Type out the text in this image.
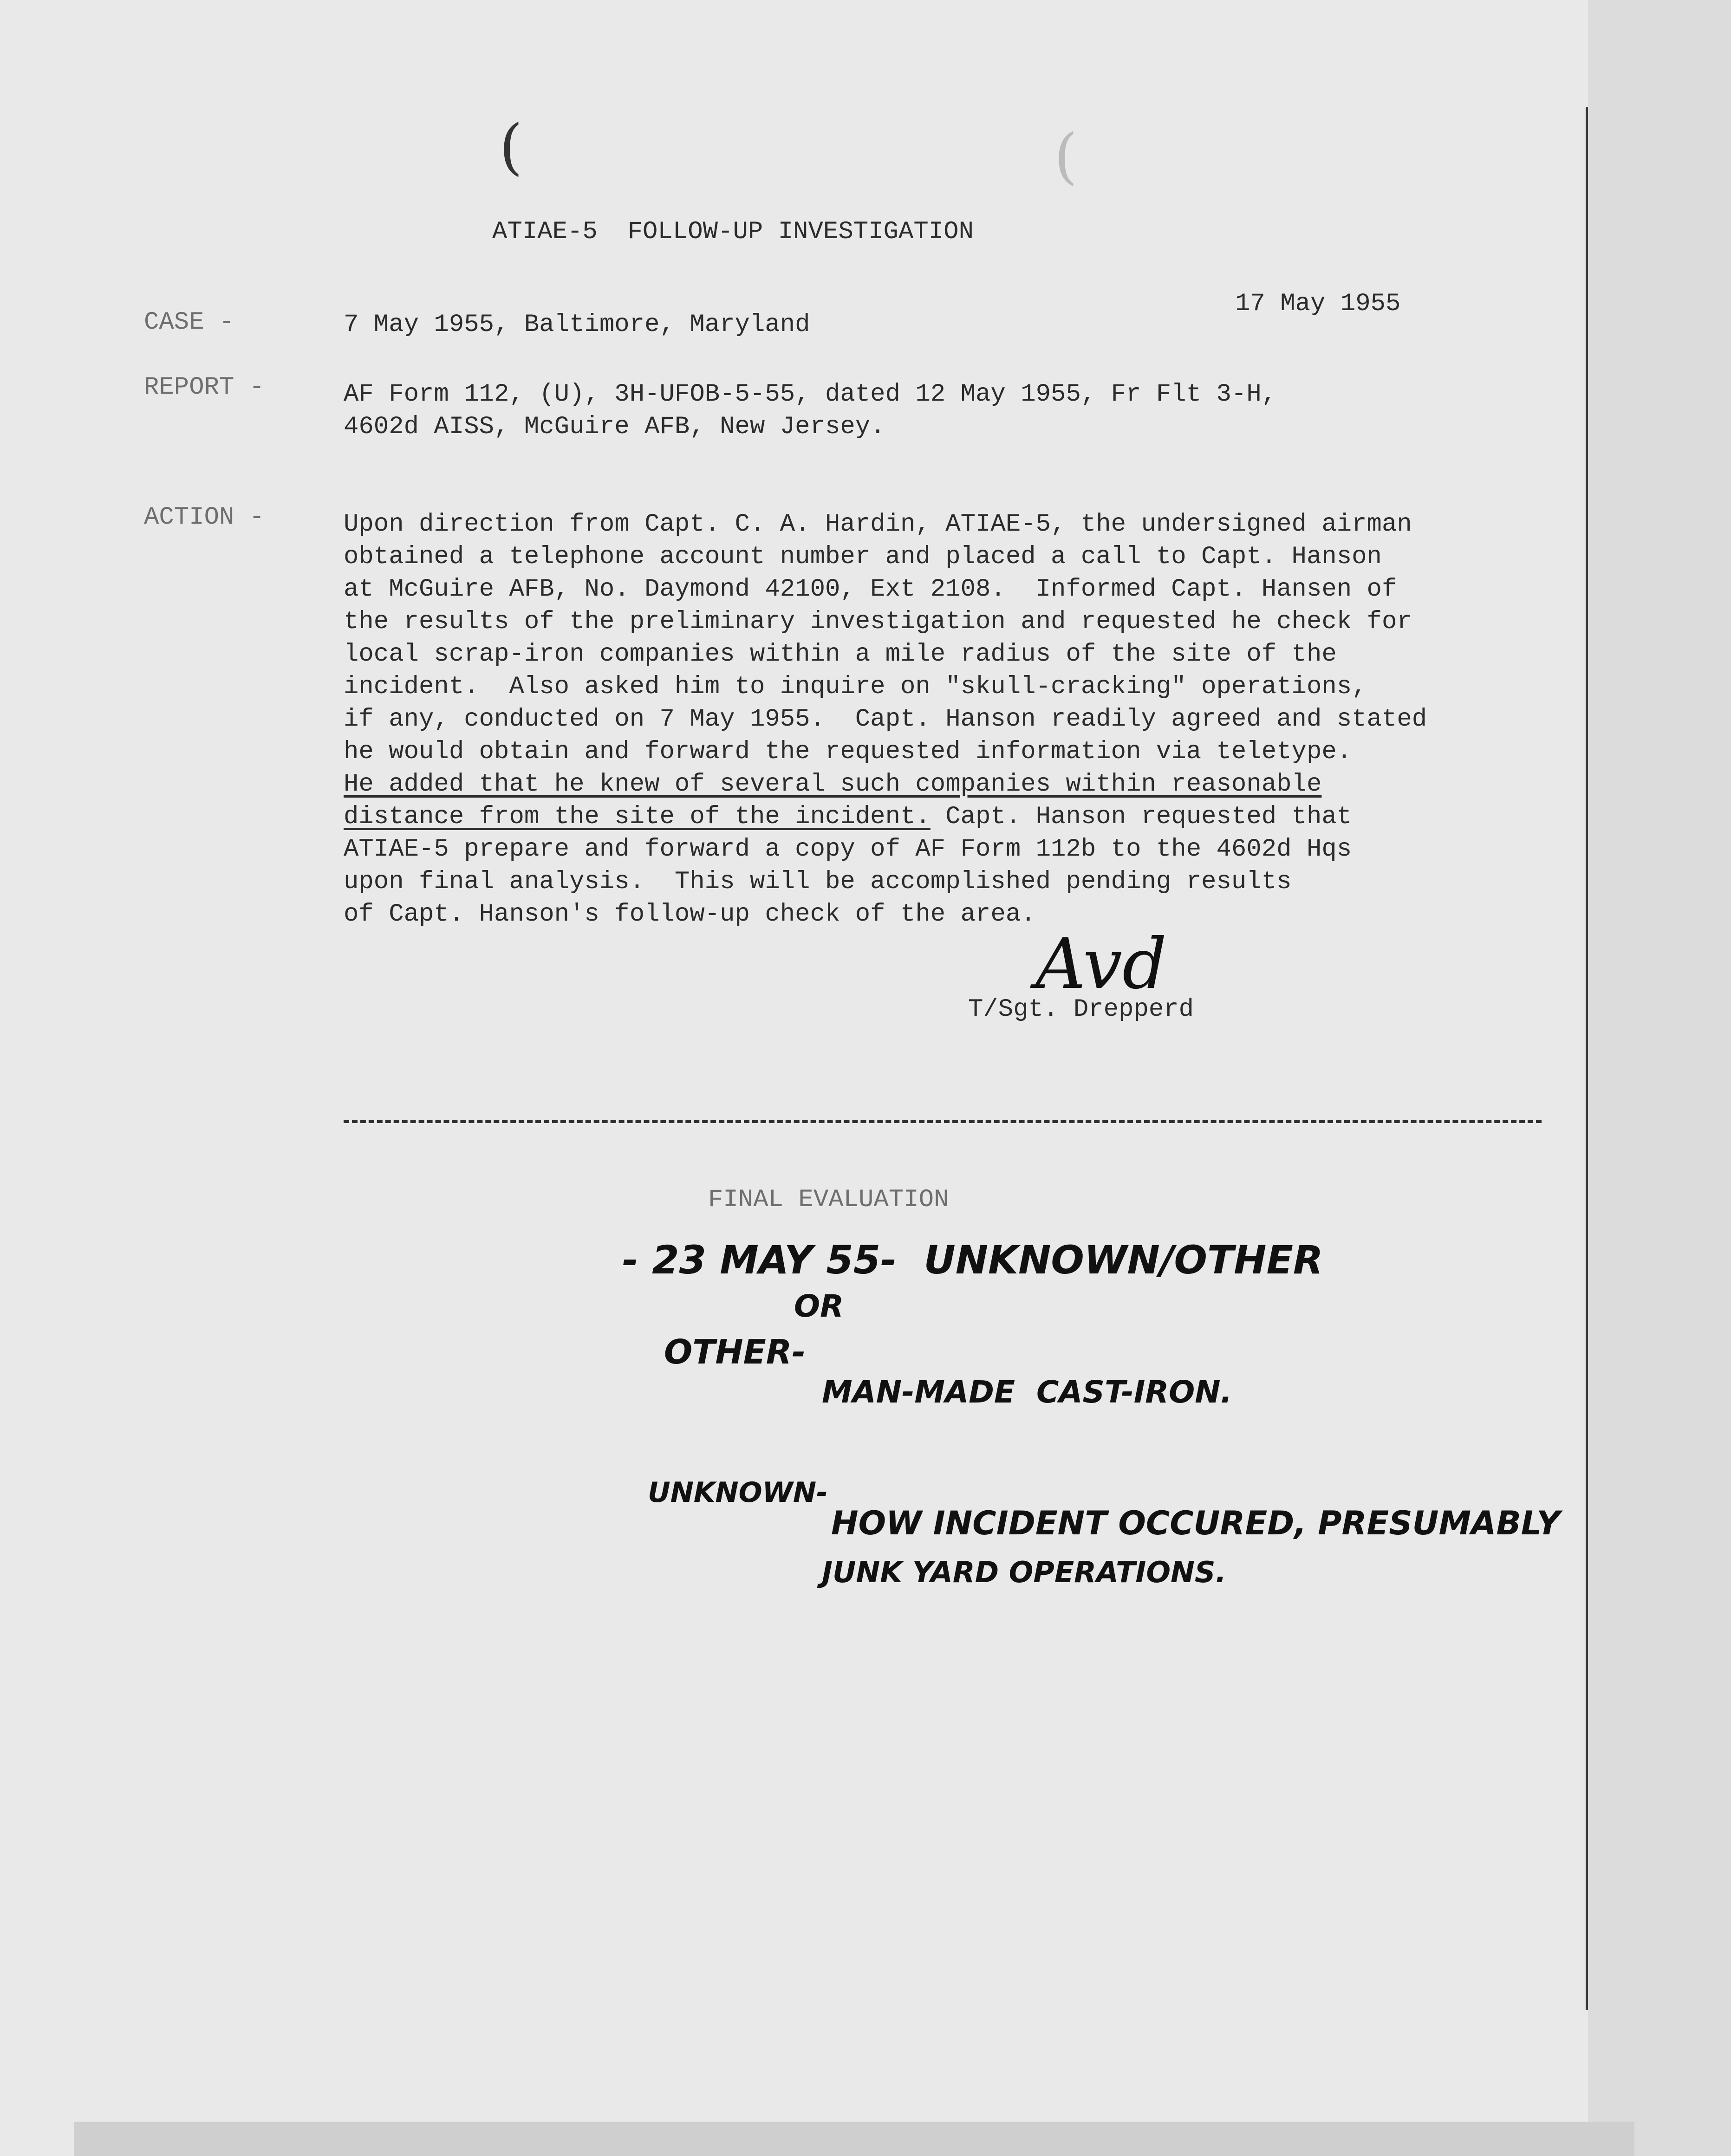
(	(
ATIAE-5  FOLLOW-UP INVESTIGATION
17 May 1955
CASE -	7 May 1955, Baltimore, Maryland
REPORT -	AF Form 112, (U), 3H-UFOB-5-55, dated 12 May 1955, Fr Flt 3-H,
4602d AISS, McGuire AFB, New Jersey.
ACTION -	Upon direction from Capt. C. A. Hardin, ATIAE-5, the undersigned airman
obtained a telephone account number and placed a call to Capt. Hanson
at McGuire AFB, No. Daymond 42100, Ext 2108.  Informed Capt. Hansen of
the results of the preliminary investigation and requested he check for
local scrap-iron companies within a mile radius of the site of the
incident.  Also asked him to inquire on "skull-cracking" operations,
if any, conducted on 7 May 1955.  Capt. Hanson readily agreed and stated
he would obtain and forward the requested information via teletype.
He added that he knew of several such companies within reasonable
distance from the site of the incident. Capt. Hanson requested that
ATIAE-5 prepare and forward a copy of AF Form 112b to the 4602d Hqs
upon final analysis.  This will be accomplished pending results
of Capt. Hanson's follow-up check of the area.
Avd
T/Sgt. Drepperd
FINAL EVALUATION
- 23 MAY 55-  UNKNOWN/OTHER
OR
OTHER-
MAN-MADE  CAST-IRON.
UNKNOWN-
HOW INCIDENT OCCURED, PRESUMABLY
JUNK YARD OPERATIONS.
